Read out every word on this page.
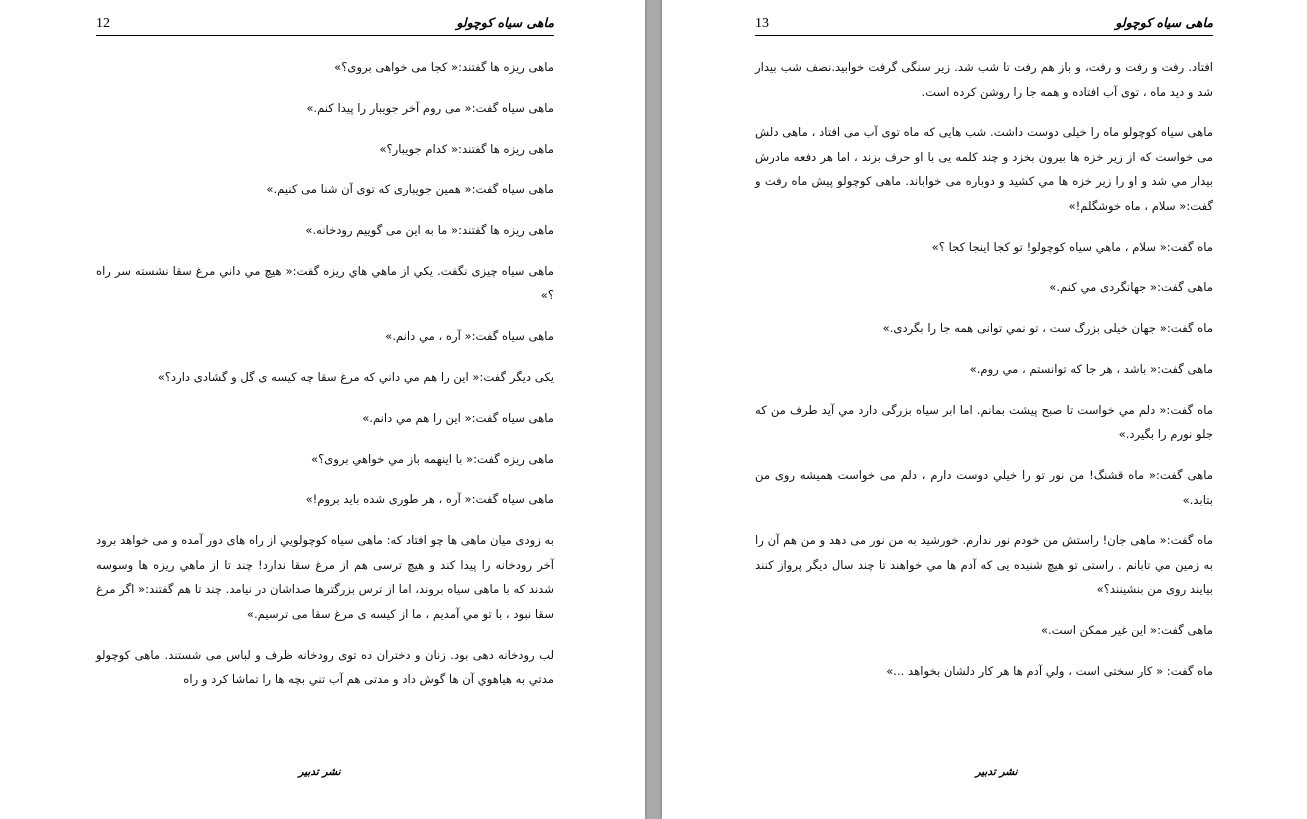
12	ماهی سیاه کوچولو

ماهی ریزه ها گفتند:« کجا می خواهی بروی؟»

ماهی سیاه گفت:« می روم آخر جویبار را پیدا کنم.»

ماهی ریزه ها گفتند:« کدام جویبار؟»

ماهی سیاه گفت:« همین جویباری که توی آن شنا می کنیم.»

ماهی ریزه ها گفتند:« ما به این می گوییم رودخانه.»

ماهی سیاه چیزی نگفت. یکي از ماهي هاي ریزه گفت:« هیچ مي داني مرغ سقا نشسته سر راه ؟»

ماهی سیاه گفت:« آره ، مي دانم.»

یکی دیگر گفت:« این را هم مي داني که مرغ سقا چه کیسه ی گل و گشادی دارد؟»

ماهی سیاه گفت:« این را هم مي دانم.»

ماهی ریزه گفت:« با اینهمه باز مي خواهي بروی؟»

ماهی سیاه گفت:« آره ، هر طوری شده باید بروم!»

به زودی میان ماهی ها چو افتاد که: ماهی سیاه کوچولويي از راه های دور آمده و می خواهد برود آخر رودخانه را پیدا کند و هیچ ترسی هم از مرغ سقا ندارد! چند تا از ماهي ریزه ها وسوسه شدند که با ماهی سیاه بروند، اما از ترس بزرگترها صداشان در نیامد. چند تا هم گفتند:« اگر مرغ سقا نبود ، با تو مي آمدیم ، ما از کیسه ی مرغ سقا می ترسیم.»

لب رودخانه دهی بود. زنان و دختران ده توی رودخانه ظرف و لباس می شستند. ماهی کوچولو مدتي به هیاهوي آن ها گوش داد و مدتی هم آب تني بچه ها را تماشا کرد و راه

نشر تدبیر
13	ماهی سیاه کوچولو

افتاد. رفت و رفت و رفت، و باز هم رفت تا شب شد. زیر سنگی گرفت خوابید.نصف شب بیدار شد و دید ماه ، توی آب افتاده و همه جا را روشن کرده است.

ماهی سیاه کوچولو ماه را خیلی دوست داشت. شب هایی که ماه توی آب می افتاد ، ماهی دلش می خواست که از زیر خزه ها بیرون بخزد و چند کلمه یی با او حرف بزند ، اما هر دفعه مادرش بیدار مي شد و او را زیر خزه ها مي كشید و دوباره می خواباند. ماهی کوچولو پیش ماه رفت و گفت:« سلام ، ماه خوشگلم!»

ماه گفت:« سلام ، ماهي سیاه کوچولو! تو کجا اینجا کجا ؟»

ماهی گفت:« جهانگردی مي کنم.»

ماه گفت:« جهان خیلی بزرگ ست ، تو نمي توانی همه جا را بگردی.»

ماهی گفت:« باشد ، هر جا که توانستم ، مي روم.»

ماه گفت:« دلم مي خواست تا صبح پیشت بمانم. اما ابر سیاه بزرگی دارد مي آید طرف من که جلو نورم را بگیرد.»

ماهی گفت:« ماه قشنگ! من نور تو را خیلي دوست دارم ، دلم می خواست همیشه روی من بتابد.»

ماه گفت:« ماهی جان! راستش من خودم نور ندارم. خورشید به من نور می دهد و من هم آن را به زمین مي تابانم . راستی تو هیچ شنیده یی که آدم ها مي خواهند تا چند سال دیگر پرواز کنند بیایند روی من بنشینند؟»

ماهی گفت:« این غیر ممکن است.»

ماه گفت: « کار سختی است ، ولي آدم ها هر کار دلشان بخواهد ...»

نشر تدبیر
